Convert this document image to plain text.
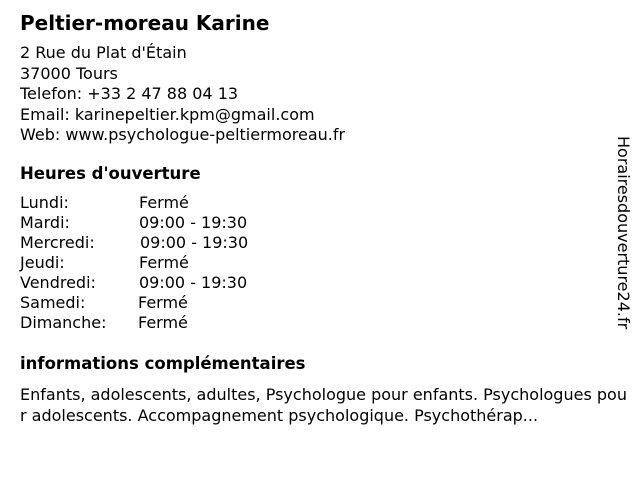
Peltier-moreau Karine
2 Rue du Plat d'Étain
37000 Tours
Telefon: +33 2 47 88 04 13
Email: karinepeltier.kpm@gmail.com
Web: www.psychologue-peltiermoreau.fr
Heures d'ouverture
Lundi:	Fermé
Mardi:	09:00 - 19:30
Mercredi:	09:00 - 19:30
Jeudi:	Fermé
Vendredi:	09:00 - 19:30
Samedi:	Fermé
Dimanche: Fermé
informations complémentaires
Enfants, adolescents, adultes, Psychologue pour enfants. Psychologues pour adolescents. Accompagnement psychologique. Psychothérap...
Horairesdouverture24.fr
